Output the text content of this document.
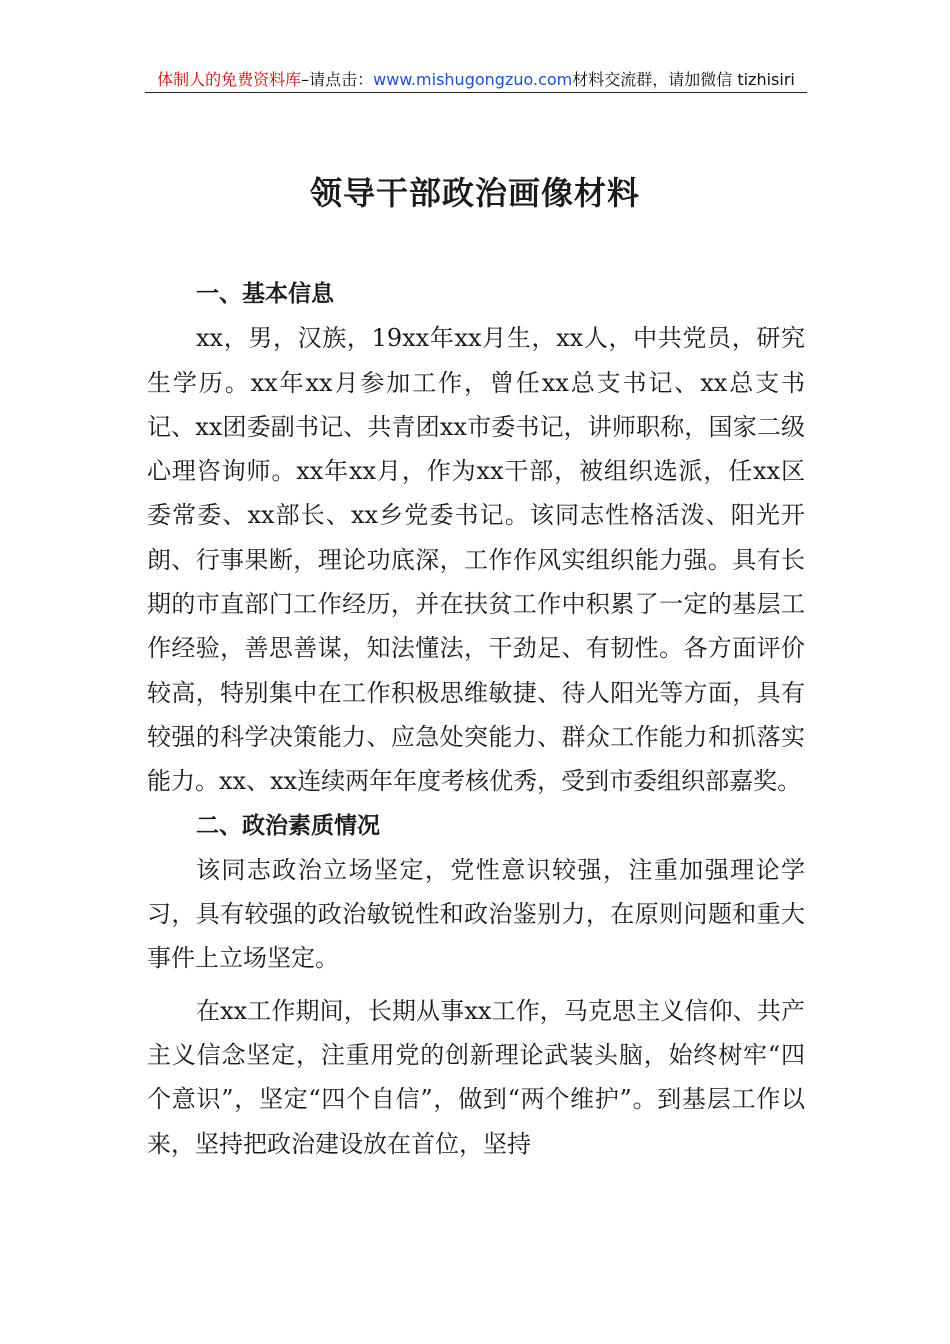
体制人的免费资料库–请点击：www.mishugongzuo.com材料交流群，请加微信 tizhisiri
领导干部政治画像材料
一、基本信息

xx，男，汉族，19xx年xx月生，xx人，中共党员，研究生学历。xx年xx月参加工作，曾任xx总支书记、xx总支书记、xx团委副书记、共青团xx市委书记，讲师职称，国家二级心理咨询师。xx年xx月，作为xx干部，被组织选派，任xx区委常委、xx部长、xx乡党委书记。该同志性格活泼、阳光开朗、行事果断，理论功底深，工作作风实组织能力强。具有长期的市直部门工作经历，并在扶贫工作中积累了一定的基层工作经验，善思善谋，知法懂法，干劲足、有韧性。各方面评价较高，特别集中在工作积极思维敏捷、待人阳光等方面，具有较强的科学决策能力、应急处突能力、群众工作能力和抓落实能力。xx、xx连续两年年度考核优秀，受到市委组织部嘉奖。

二、政治素质情况

该同志政治立场坚定，党性意识较强，注重加强理论学习，具有较强的政治敏锐性和政治鉴别力，在原则问题和重大事件上立场坚定。

在xx工作期间，长期从事xx工作，马克思主义信仰、共产主义信念坚定，注重用党的创新理论武装头脑，始终树牢“四个意识”，坚定“四个自信”，做到“两个维护”。到基层工作以来，坚持把政治建设放在首位，坚持
